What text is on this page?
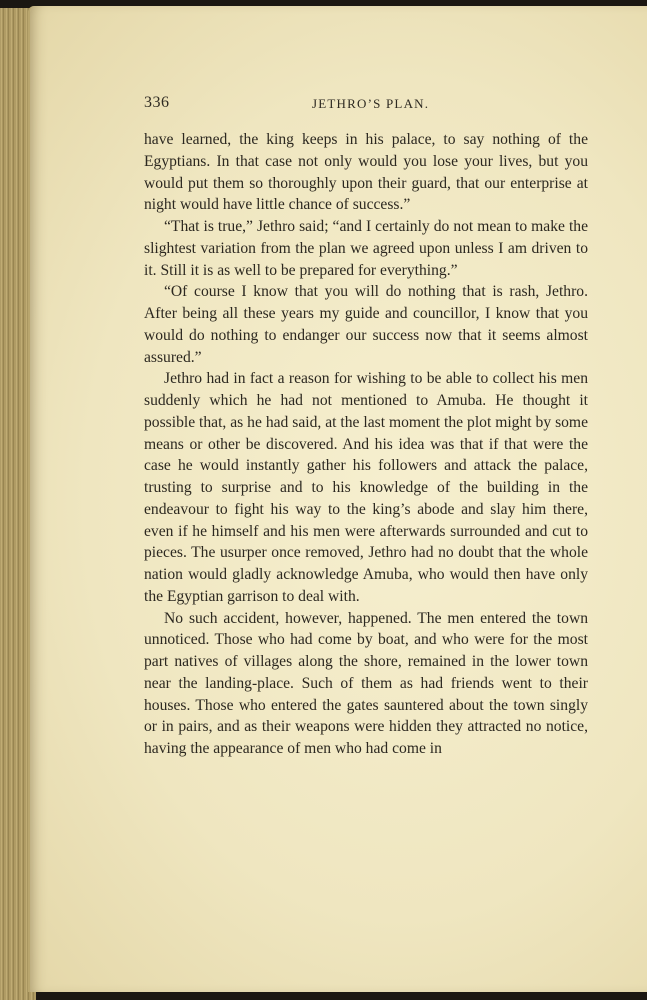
336	JETHRO’S PLAN.

have learned, the king keeps in his palace, to say nothing of the Egyptians. In that case not only would you lose your lives, but you would put them so thoroughly upon their guard, that our enterprise at night would have little chance of success.”

“That is true,” Jethro said; “and I certainly do not mean to make the slightest variation from the plan we agreed upon unless I am driven to it. Still it is as well to be prepared for everything.”

“Of course I know that you will do nothing that is rash, Jethro. After being all these years my guide and councillor, I know that you would do nothing to endanger our success now that it seems almost assured.”

Jethro had in fact a reason for wishing to be able to collect his men suddenly which he had not mentioned to Amuba. He thought it possible that, as he had said, at the last moment the plot might by some means or other be discovered. And his idea was that if that were the case he would instantly gather his followers and attack the palace, trusting to surprise and to his knowledge of the building in the endeavour to fight his way to the king’s abode and slay him there, even if he himself and his men were afterwards surrounded and cut to pieces. The usurper once removed, Jethro had no doubt that the whole nation would gladly acknowledge Amuba, who would then have only the Egyptian garrison to deal with.

No such accident, however, happened. The men entered the town unnoticed. Those who had come by boat, and who were for the most part natives of villages along the shore, remained in the lower town near the landing-place. Such of them as had friends went to their houses. Those who entered the gates sauntered about the town singly or in pairs, and as their weapons were hidden they attracted no notice, having the appearance of men who had come in
